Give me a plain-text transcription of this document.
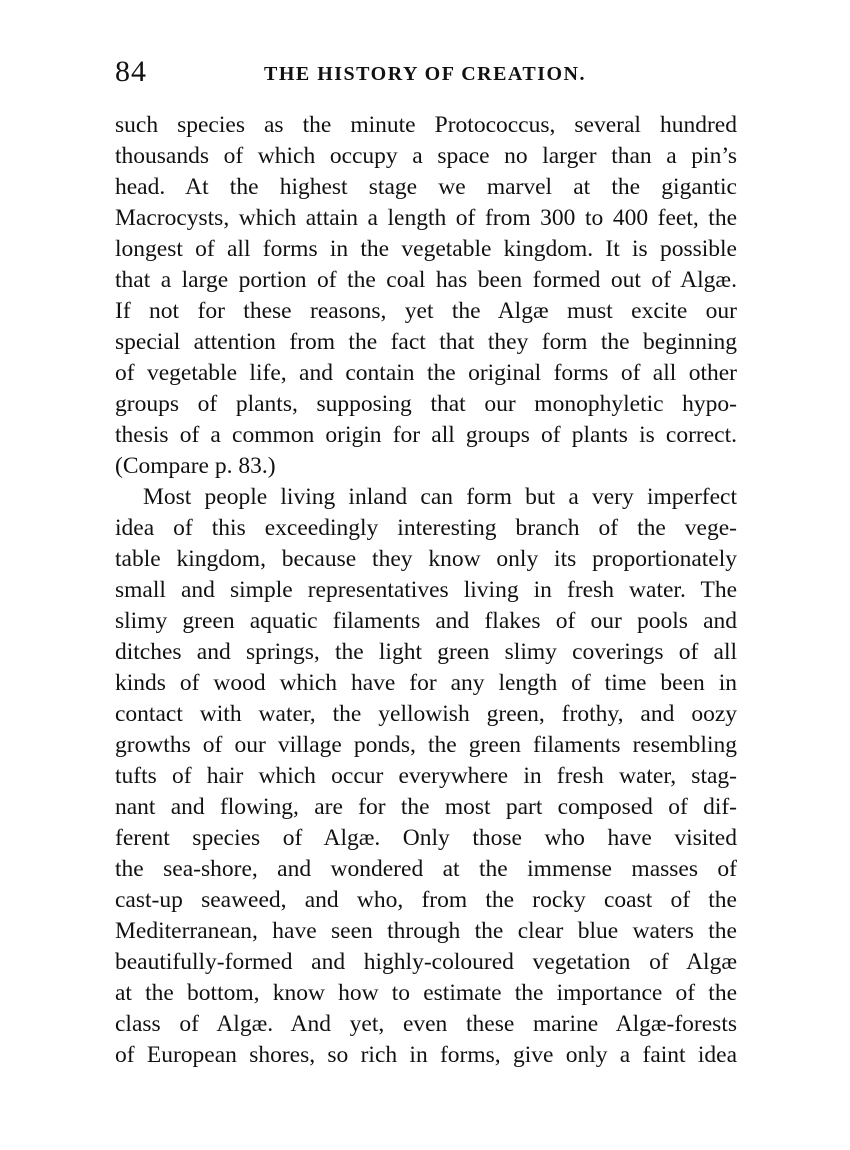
84	THE HISTORY OF CREATION.
such species as the minute Protococcus, several hundred
thousands of which occupy a space no larger than a pin’s
head. At the highest stage we marvel at the gigantic
Macrocysts, which attain a length of from 300 to 400 feet, the
longest of all forms in the vegetable kingdom. It is possible
that a large portion of the coal has been formed out of Algæ.
If not for these reasons, yet the Algæ must excite our
special attention from the fact that they form the beginning
of vegetable life, and contain the original forms of all other
groups of plants, supposing that our monophyletic hypo-
thesis of a common origin for all groups of plants is correct.
(Compare p. 83.)
Most people living inland can form but a very imperfect
idea of this exceedingly interesting branch of the vege-
table kingdom, because they know only its proportionately
small and simple representatives living in fresh water. The
slimy green aquatic filaments and flakes of our pools and
ditches and springs, the light green slimy coverings of all
kinds of wood which have for any length of time been in
contact with water, the yellowish green, frothy, and oozy
growths of our village ponds, the green filaments resembling
tufts of hair which occur everywhere in fresh water, stag-
nant and flowing, are for the most part composed of dif-
ferent species of Algæ. Only those who have visited
the sea-shore, and wondered at the immense masses of
cast-up seaweed, and who, from the rocky coast of the
Mediterranean, have seen through the clear blue waters the
beautifully-formed and highly-coloured vegetation of Algæ
at the bottom, know how to estimate the importance of the
class of Algæ. And yet, even these marine Algæ-forests
of European shores, so rich in forms, give only a faint idea
